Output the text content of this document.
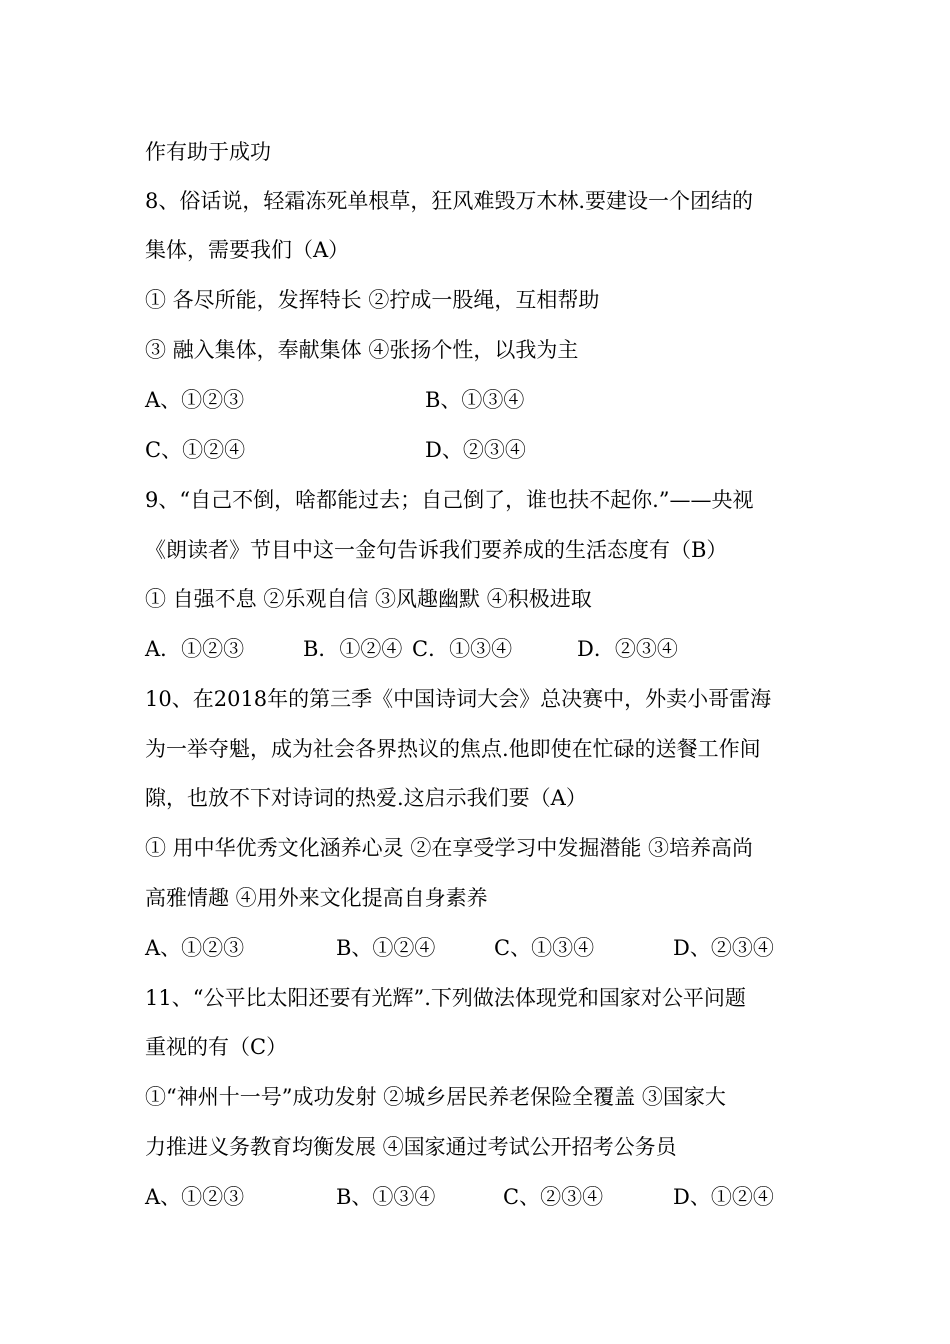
作有助于成功
8、俗话说，轻霜冻死单根草，狂风难毁万木林.要建设一个团结的
集体，需要我们（A）
① 各尽所能，发挥特长 ②拧成一股绳，互相帮助
③ 融入集体，奉献集体 ④张扬个性，以我为主
A、①②③	B、①③④
C、①②④	D、②③④
9、“自己不倒，啥都能过去；自己倒了，谁也扶不起你.”——央视
《朗读者》节目中这一金句告诉我们要养成的生活态度有（B）
① 自强不息 ②乐观自信 ③风趣幽默 ④积极进取
A．①②③	B．①②④ C．①③④	D．②③④
10、在2018年的第三季《中国诗词大会》总决赛中，外卖小哥雷海
为一举夺魁，成为社会各界热议的焦点.他即使在忙碌的送餐工作间
隙，也放不下对诗词的热爱.这启示我们要（A）
① 用中华优秀文化涵养心灵 ②在享受学习中发掘潜能 ③培养高尚
高雅情趣 ④用外来文化提高自身素养
A、①②③	B、①②④	C、①③④	D、②③④
11、“公平比太阳还要有光辉”.下列做法体现党和国家对公平问题
重视的有（C）
①“神州十一号”成功发射 ②城乡居民养老保险全覆盖 ③国家大
力推进义务教育均衡发展 ④国家通过考试公开招考公务员
A、①②③	B、①③④	C、②③④	D、①②④
